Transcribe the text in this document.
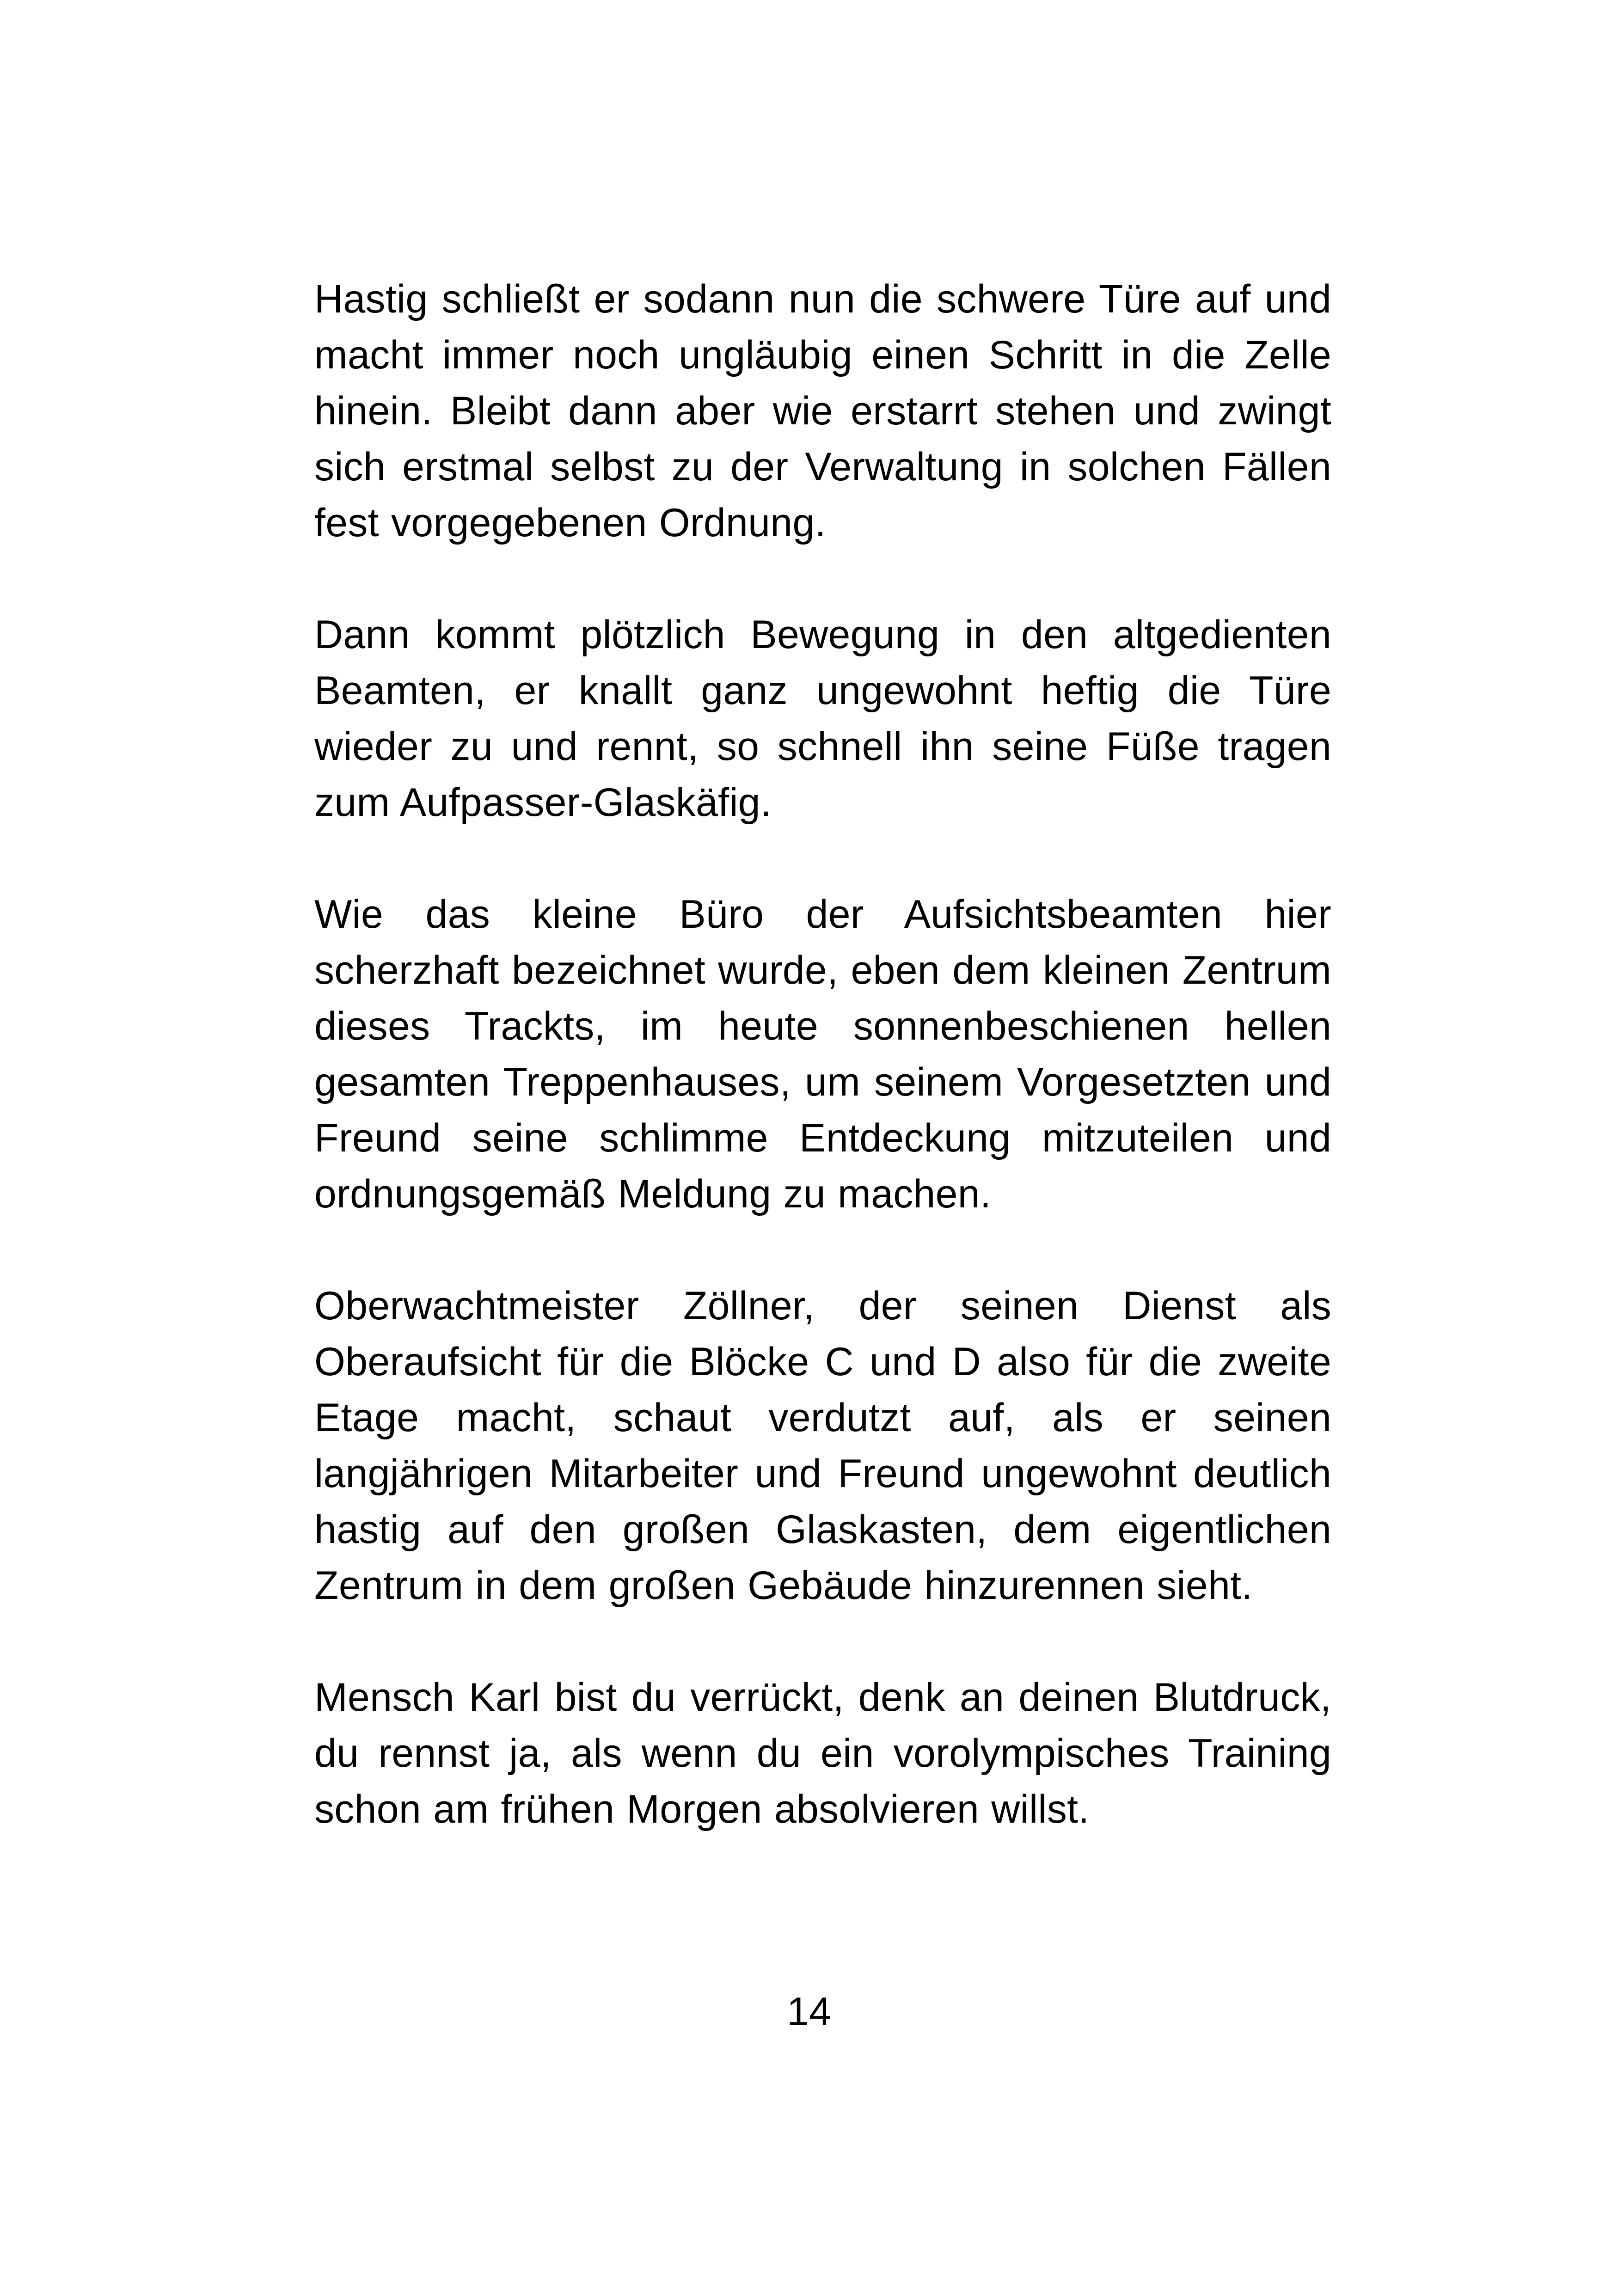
Hastig schließt er sodann nun die schwere Türe auf und macht immer noch ungläubig einen Schritt in die Zelle hinein. Bleibt dann aber wie erstarrt stehen und zwingt sich erstmal selbst zu der Verwaltung in solchen Fällen fest vorgegebenen Ordnung.

Dann kommt plötzlich Bewegung in den altgedienten Beamten, er knallt ganz ungewohnt heftig die Türe wieder zu und rennt, so schnell ihn seine Füße tragen zum Aufpasser-Glaskäfig.

Wie das kleine Büro der Aufsichtsbeamten hier scherzhaft bezeichnet wurde, eben dem kleinen Zentrum dieses Trackts, im heute sonnenbeschienen hellen gesamten Treppenhauses, um seinem Vorgesetzten und Freund seine schlimme Entdeckung mitzuteilen und ordnungsgemäß Meldung zu machen.

Oberwachtmeister Zöllner, der seinen Dienst als Oberaufsicht für die Blöcke C und D also für die zweite Etage macht, schaut verdutzt auf, als er seinen langjährigen Mitarbeiter und Freund ungewohnt deutlich hastig auf den großen Glaskasten, dem eigentlichen Zentrum in dem großen Gebäude hinzurennen sieht.

Mensch Karl bist du verrückt, denk an deinen Blutdruck, du rennst ja, als wenn du ein vorolympisches Training schon am frühen Morgen absolvieren willst.

14
